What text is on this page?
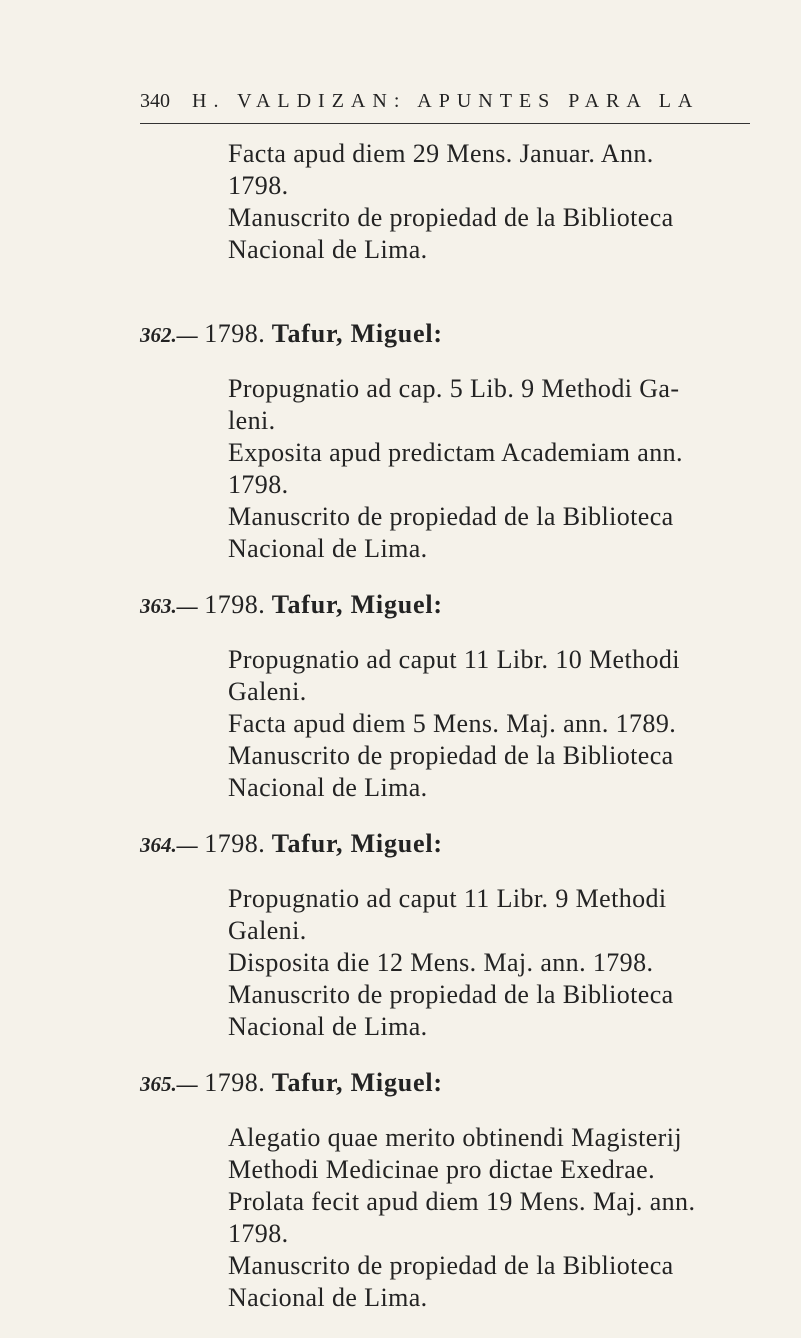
340 H. VALDIZAN: APUNTES PARA LA
Facta apud diem 29 Mens. Januar. Ann.
1798.
Manuscrito de propiedad de la Biblioteca
Nacional de Lima.
362.— 1798. Tafur, Miguel:
Propugnatio ad cap. 5 Lib. 9 Methodi Ga-
leni.
Exposita apud predictam Academiam ann.
1798.
Manuscrito de propiedad de la Biblioteca
Nacional de Lima.
363.— 1798. Tafur, Miguel:
Propugnatio ad caput 11 Libr. 10 Methodi
Galeni.
Facta apud diem 5 Mens. Maj. ann. 1789.
Manuscrito de propiedad de la Biblioteca
Nacional de Lima.
364.— 1798. Tafur, Miguel:
Propugnatio ad caput 11 Libr. 9 Methodi
Galeni.
Disposita die 12 Mens. Maj. ann. 1798.
Manuscrito de propiedad de la Biblioteca
Nacional de Lima.
365.— 1798. Tafur, Miguel:
Alegatio quae merito obtinendi Magisterij
Methodi Medicinae pro dictae Exedrae.
Prolata fecit apud diem 19 Mens. Maj. ann.
1798.
Manuscrito de propiedad de la Biblioteca
Nacional de Lima.
